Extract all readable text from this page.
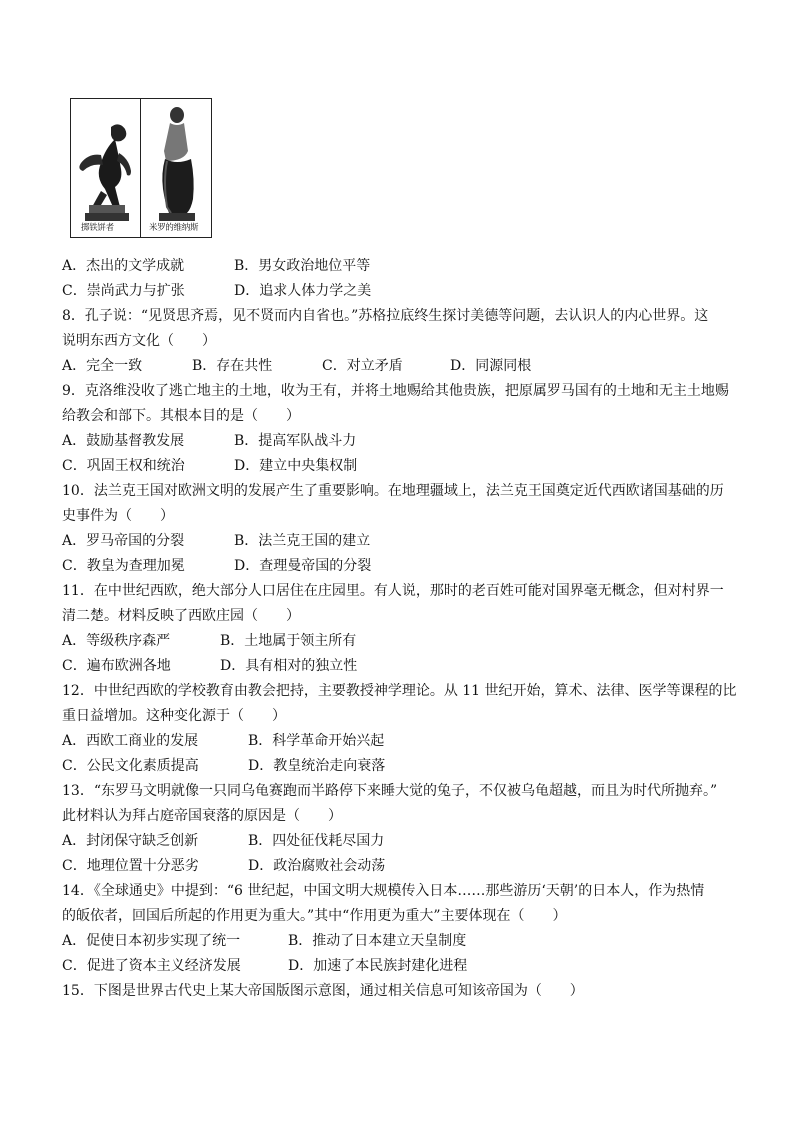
掷铁饼者	米罗的维纳斯
A．杰出的文学成就	B．男女政治地位平等
C．崇尚武力与扩张	D．追求人体力学之美
8．孔子说：“见贤思齐焉，见不贤而内自省也。”苏格拉底终生探讨美德等问题，去认识人的内心世界。这
说明东西方文化（　　）
A．完全一致	B．存在共性	C．对立矛盾	D．同源同根
9．克洛维没收了逃亡地主的土地，收为王有，并将土地赐给其他贵族，把原属罗马国有的土地和无主土地赐
给教会和部下。其根本目的是（　　）
A．鼓励基督教发展	B．提高军队战斗力
C．巩固王权和统治	D．建立中央集权制
10．法兰克王国对欧洲文明的发展产生了重要影响。在地理疆域上，法兰克王国奠定近代西欧诸国基础的历
史事件为（　　）
A．罗马帝国的分裂	B．法兰克王国的建立
C．教皇为查理加冕	D．查理曼帝国的分裂
11．在中世纪西欧，绝大部分人口居住在庄园里。有人说，那时的老百姓可能对国界毫无概念，但对村界一
清二楚。材料反映了西欧庄园（　　）
A．等级秩序森严	B．土地属于领主所有
C．遍布欧洲各地	D．具有相对的独立性
12．中世纪西欧的学校教育由教会把持，主要教授神学理论。从 11 世纪开始，算术、法律、医学等课程的比
重日益增加。这种变化源于（　　）
A．西欧工商业的发展	B．科学革命开始兴起
C．公民文化素质提高	D．教皇统治走向衰落
13．“东罗马文明就像一只同乌龟赛跑而半路停下来睡大觉的兔子，不仅被乌龟超越，而且为时代所抛弃。”
此材料认为拜占庭帝国衰落的原因是（　　）
A．封闭保守缺乏创新	B．四处征伐耗尽国力
C．地理位置十分恶劣	D．政治腐败社会动荡
14．《全球通史》中提到：“6 世纪起，中国文明大规模传入日本……那些游历‘天朝’的日本人，作为热情
的皈依者，回国后所起的作用更为重大。”其中“作用更为重大”主要体现在（　　）
A．促使日本初步实现了统一	B．推动了日本建立天皇制度
C．促进了资本主义经济发展	D．加速了本民族封建化进程
15．下图是世界古代史上某大帝国版图示意图，通过相关信息可知该帝国为（　　）
